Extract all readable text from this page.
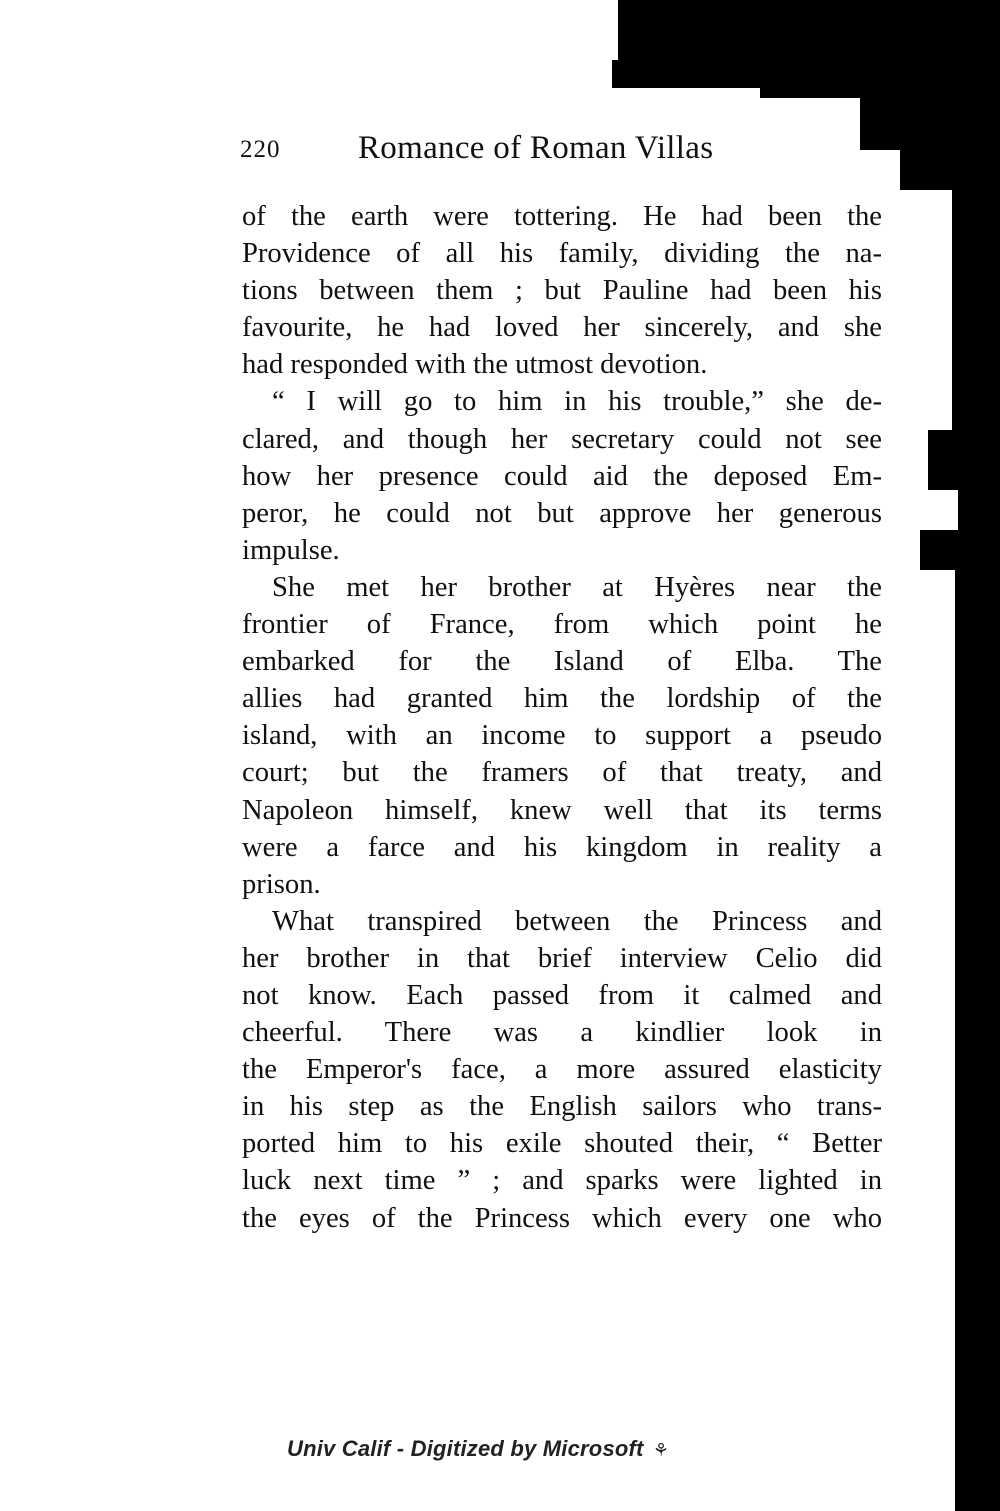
220 Romance of Roman Villas
of the earth were tottering. He had been the
Providence of all his family, dividing the na-
tions between them ; but Pauline had been his
favourite, he had loved her sincerely, and she
had responded with the utmost devotion.
“ I will go to him in his trouble,” she de-
clared, and though her secretary could not see
how her presence could aid the deposed Em-
peror, he could not but approve her generous
impulse.
She met her brother at Hyères near the
frontier of France, from which point he
embarked for the Island of Elba. The
allies had granted him the lordship of the
island, with an income to support a pseudo
court; but the framers of that treaty, and
Napoleon himself, knew well that its terms
were a farce and his kingdom in reality a
prison.
What transpired between the Princess and
her brother in that brief interview Celio did
not know. Each passed from it calmed and
cheerful. There was a kindlier look in
the Emperor's face, a more assured elasticity
in his step as the English sailors who trans-
ported him to his exile shouted their, “ Better
luck next time ” ; and sparks were lighted in
the eyes of the Princess which every one who
Univ Calif - Digitized by Microsoft ⚘
